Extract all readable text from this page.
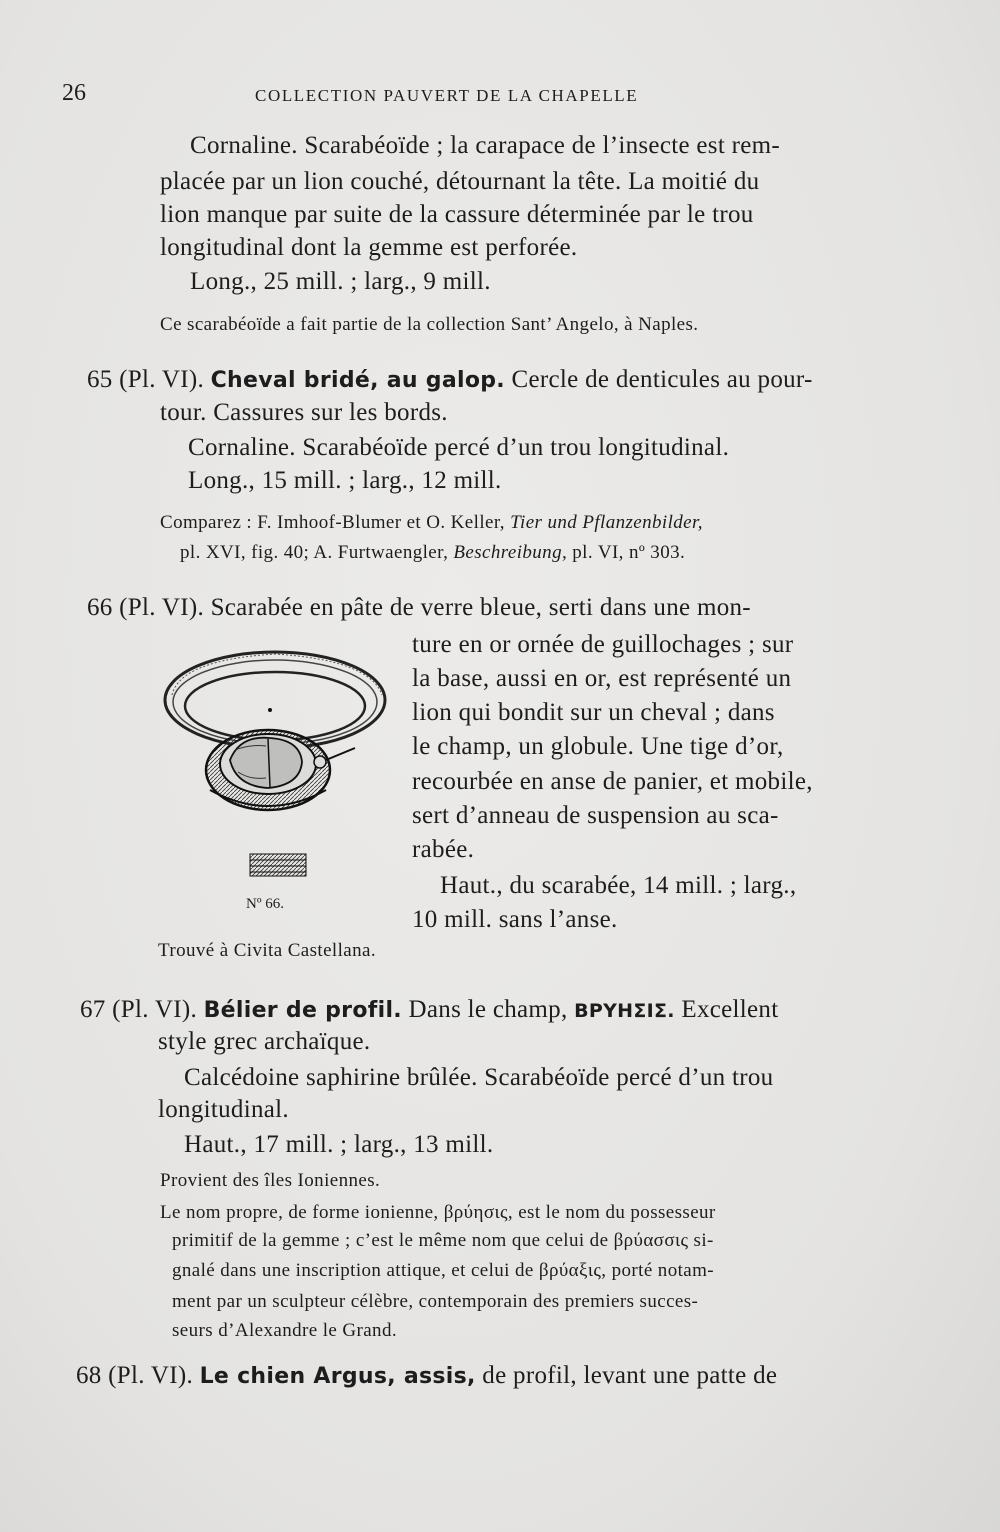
26	COLLECTION PAUVERT DE LA CHAPELLE
Cornaline. Scarabéoïde ; la carapace de l’insecte est rem-
placée par un lion couché, détournant la tête. La moitié du
lion manque par suite de la cassure déterminée par le trou
longitudinal dont la gemme est perforée.
Long., 25 mill. ; larg., 9 mill.
Ce scarabéoïde a fait partie de la collection Sant’ Angelo, à Naples.
65 (Pl. VI). Cheval bridé, au galop. Cercle de denticules au pour-
tour. Cassures sur les bords.
Cornaline. Scarabéoïde percé d’un trou longitudinal.
Long., 15 mill. ; larg., 12 mill.
Comparez : F. Imhoof-Blumer et O. Keller, Tier und Pflanzenbilder,
pl. XVI, fig. 40; A. Furtwaengler, Beschreibung, pl. VI, nº 303.
66 (Pl. VI). Scarabée en pâte de verre bleue, serti dans une mon-
ture en or ornée de guillochages ; sur
la base, aussi en or, est représenté un
lion qui bondit sur un cheval ; dans
le champ, un globule. Une tige d’or,
recourbée en anse de panier, et mobile,
sert d’anneau de suspension au sca-
rabée.
Haut., du scarabée, 14 mill. ; larg.,
10 mill. sans l’anse.
Nº 66.
Trouvé à Civita Castellana.
67 (Pl. VI). Bélier de profil. Dans le champ, BPYHΣIΣ. Excellent
style grec archaïque.
Calcédoine saphirine brûlée. Scarabéoïde percé d’un trou
longitudinal.
Haut., 17 mill. ; larg., 13 mill.
Provient des îles Ioniennes.
Le nom propre, de forme ionienne, βρύησις, est le nom du possesseur
primitif de la gemme ; c’est le même nom que celui de βρύασσις si-
gnalé dans une inscription attique, et celui de βρύαξις, porté notam-
ment par un sculpteur célèbre, contemporain des premiers succes-
seurs d’Alexandre le Grand.
68 (Pl. VI). Le chien Argus, assis, de profil, levant une patte de
